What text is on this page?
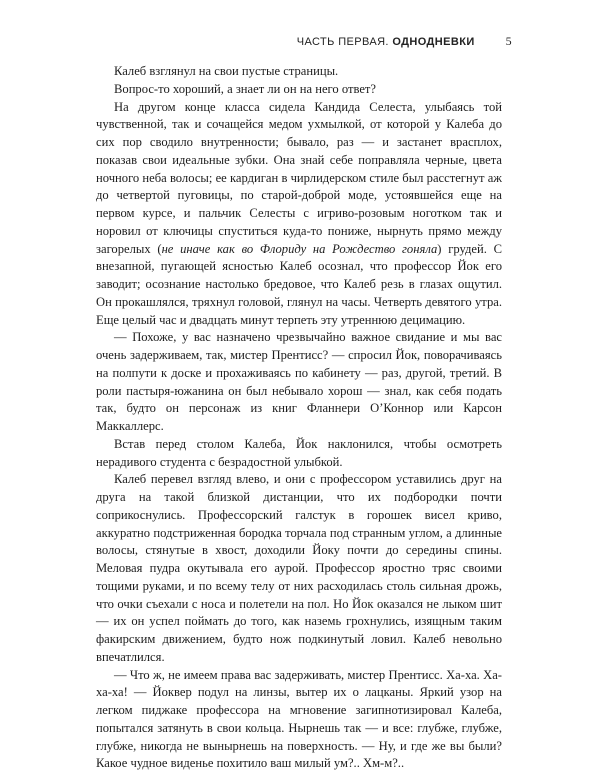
ЧАСТЬ ПЕРВАЯ. ОДНОДНЕВКИ	5

Калеб взглянул на свои пустые страницы.

Вопрос-то хороший, а знает ли он на него ответ?

На другом конце класса сидела Кандида Селеста, улыбаясь той чувственной, так и сочащейся медом ухмылкой, от которой у Калеба до сих пор сводило внутренности; бывало, раз — и застанет врасплох, показав свои идеальные зубки. Она знай себе поправляла черные, цвета ночного неба волосы; ее кардиган в чирлидерском стиле был расстегнут аж до четвертой пуговицы, по старой-доброй моде, устоявшейся еще на первом курсе, и пальчик Селесты с игриво-розовым ноготком так и норовил от ключицы спуститься куда-то пониже, нырнуть прямо между загорелых (не иначе как во Флориду на Рождество гоняла) грудей. С внезапной, пугающей ясностью Калеб осознал, что профессор Йок его заводит; осознание настолько бредовое, что Калеб резь в глазах ощутил. Он прокашлялся, тряхнул головой, глянул на часы. Четверть девятого утра. Еще целый час и двадцать минут терпеть эту утреннюю децимацию.

— Похоже, у вас назначено чрезвычайно важное свидание и мы вас очень задерживаем, так, мистер Прентисс? — спросил Йок, поворачиваясь на полпути к доске и прохаживаясь по кабинету — раз, другой, третий. В роли пастыря-южанина он был небывало хорош — знал, как себя подать так, будто он персонаж из книг Фланнери О’Коннор или Карсон Маккаллерс.

Встав перед столом Калеба, Йок наклонился, чтобы осмотреть нерадивого студента с безрадостной улыбкой.

Калеб перевел взгляд влево, и они с профессором уставились друг на друга на такой близкой дистанции, что их подбородки почти соприкоснулись. Профессорский галстук в горошек висел криво, аккуратно подстриженная бородка торчала под странным углом, а длинные волосы, стянутые в хвост, доходили Йоку почти до середины спины. Меловая пудра окутывала его аурой. Профессор яростно тряс своими тощими руками, и по всему телу от них расходилась столь сильная дрожь, что очки съехали с носа и полетели на пол. Но Йок оказался не лыком шит — их он успел поймать до того, как наземь грохнулись, изящным таким факирским движением, будто нож подкинутый ловил. Калеб невольно впечатлился.

— Что ж, не имеем права вас задерживать, мистер Прентисс. Ха-ха. Ха-ха-ха! — Йоквер подул на линзы, вытер их о лацканы. Яркий узор на легком пиджаке профессора на мгновение загипнотизировал Калеба, попытался затянуть в свои кольца. Нырнешь так — и все: глубже, глубже, глубже, никогда не вынырнешь на поверхность. — Ну, и где же вы были? Какое чудное виденье похитило ваш милый ум?.. Хм-м?..
